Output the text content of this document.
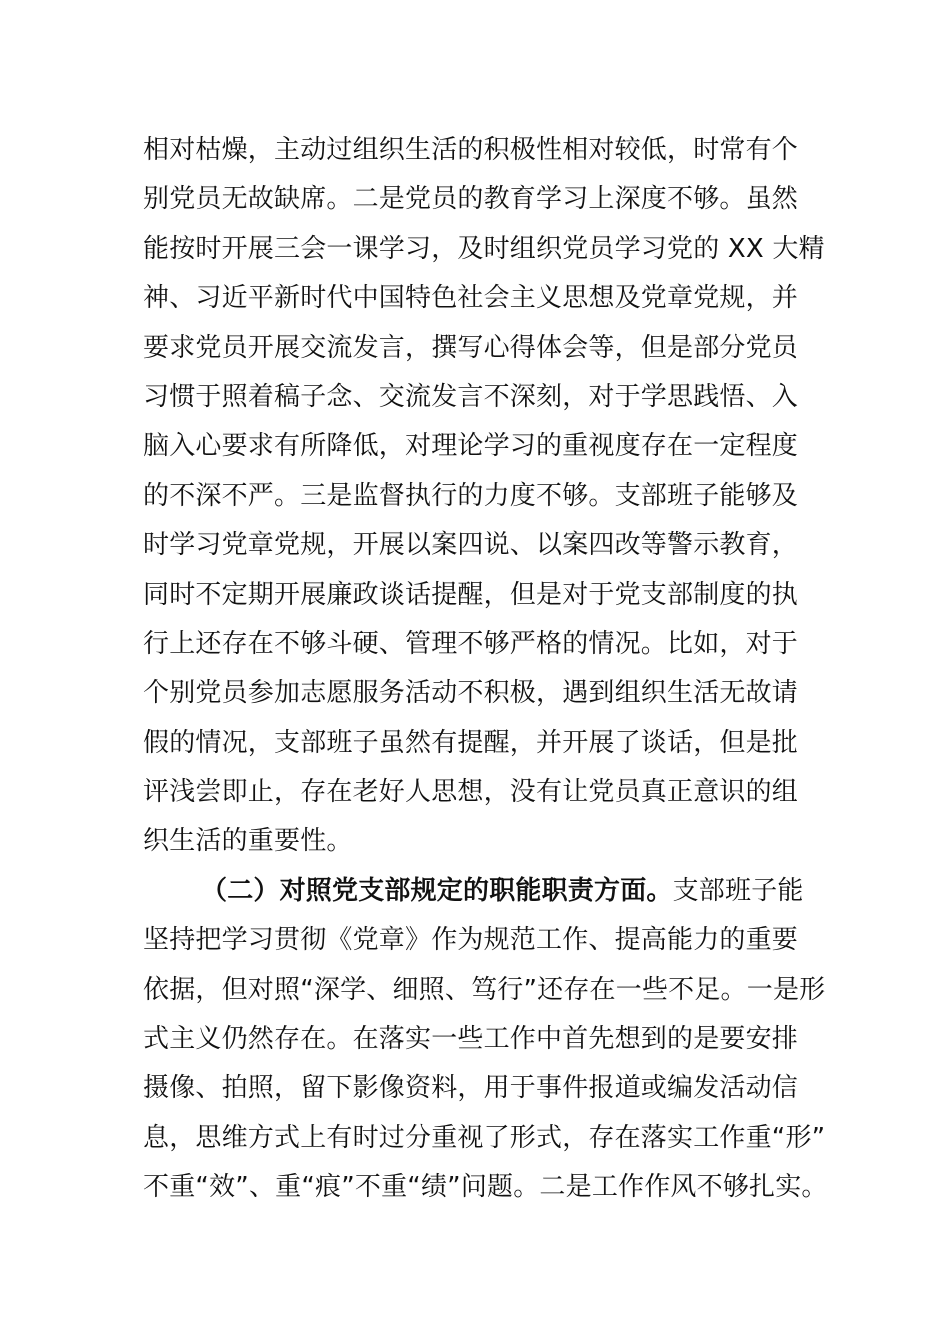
相对枯燥，主动过组织生活的积极性相对较低，时常有个
别党员无故缺席。二是党员的教育学习上深度不够。虽然
能按时开展三会一课学习，及时组织党员学习党的 XX 大精
神、习近平新时代中国特色社会主义思想及党章党规，并
要求党员开展交流发言，撰写心得体会等，但是部分党员
习惯于照着稿子念、交流发言不深刻，对于学思践悟、入
脑入心要求有所降低，对理论学习的重视度存在一定程度
的不深不严。三是监督执行的力度不够。支部班子能够及
时学习党章党规，开展以案四说、以案四改等警示教育，
同时不定期开展廉政谈话提醒，但是对于党支部制度的执
行上还存在不够斗硬、管理不够严格的情况。比如，对于
个别党员参加志愿服务活动不积极，遇到组织生活无故请
假的情况，支部班子虽然有提醒，并开展了谈话，但是批
评浅尝即止，存在老好人思想，没有让党员真正意识的组
织生活的重要性。
（二）对照党支部规定的职能职责方面。支部班子能
坚持把学习贯彻《党章》作为规范工作、提高能力的重要
依据，但对照“深学、细照、笃行”还存在一些不足。一是形
式主义仍然存在。在落实一些工作中首先想到的是要安排
摄像、拍照，留下影像资料，用于事件报道或编发活动信
息，思维方式上有时过分重视了形式，存在落实工作重“形”
不重“效”、重“痕”不重“绩”问题。二是工作作风不够扎实。
